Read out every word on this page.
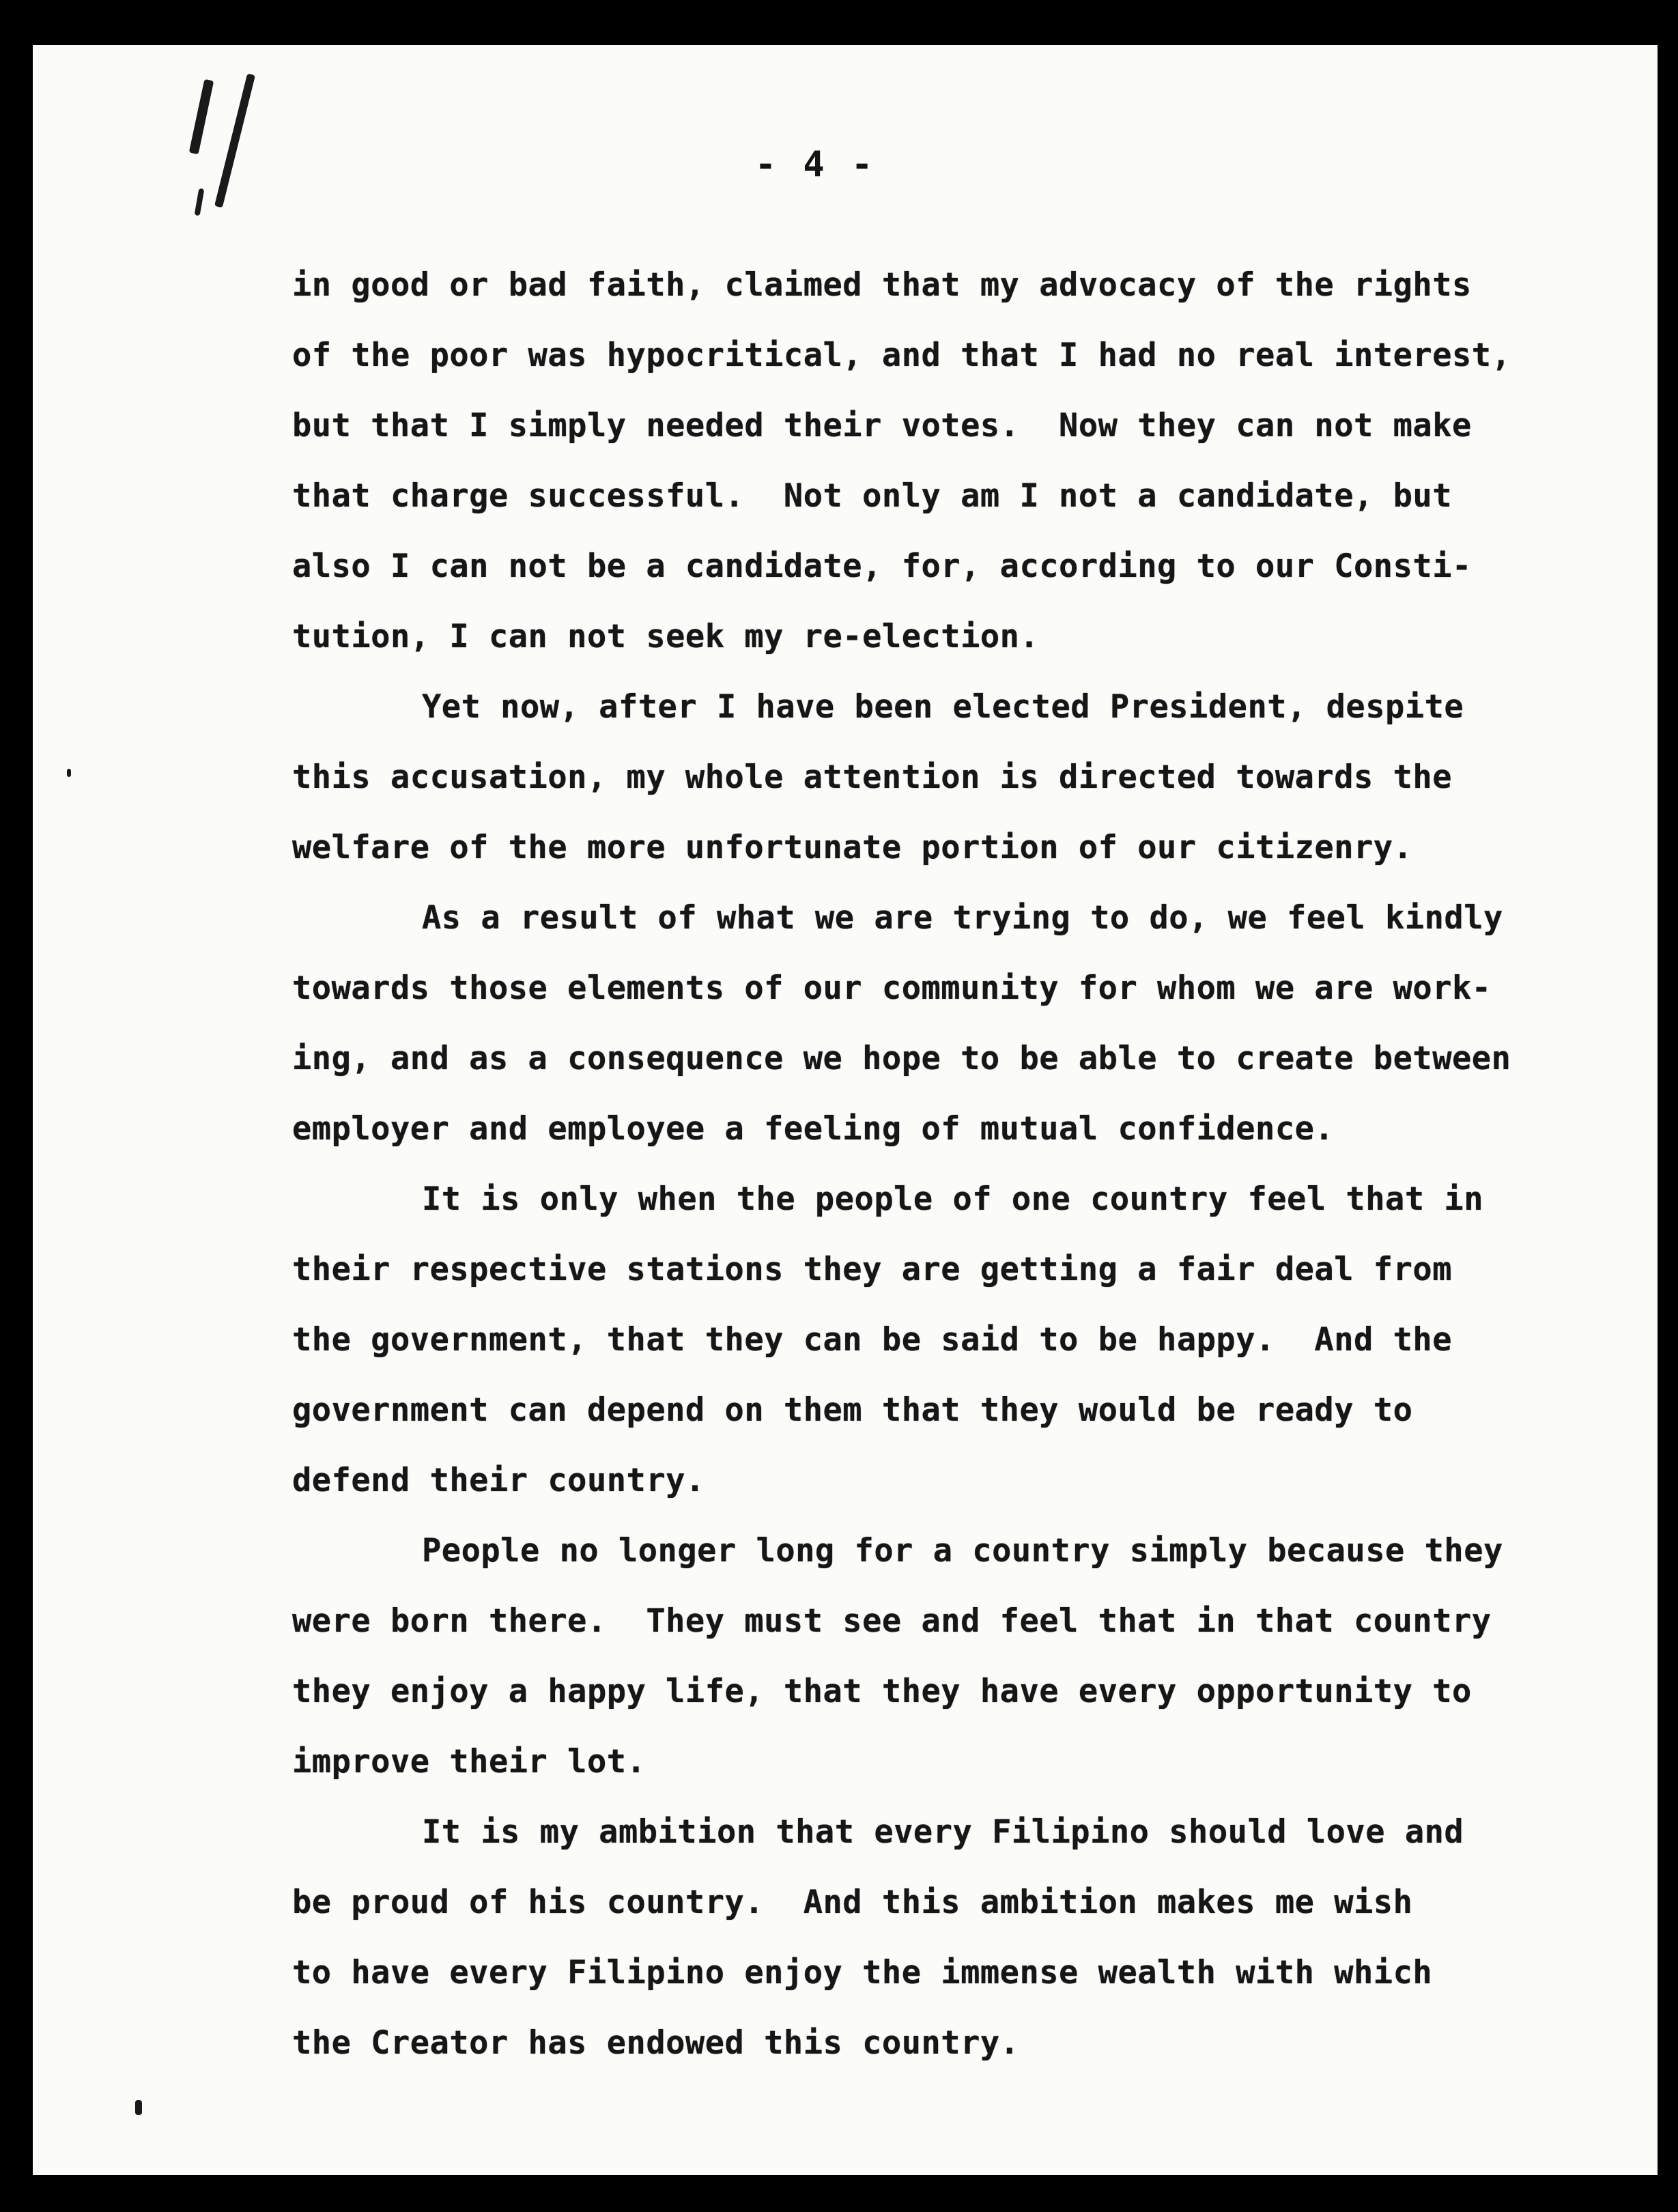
- 4 -
in good or bad faith, claimed that my advocacy of the rights
of the poor was hypocritical, and that I had no real interest,
but that I simply needed their votes.  Now they can not make
that charge successful.  Not only am I not a candidate, but
also I can not be a candidate, for, according to our Consti-
tution, I can not seek my re-election.
Yet now, after I have been elected President, despite
this accusation, my whole attention is directed towards the
welfare of the more unfortunate portion of our citizenry.
As a result of what we are trying to do, we feel kindly
towards those elements of our community for whom we are work-
ing, and as a consequence we hope to be able to create between
employer and employee a feeling of mutual confidence.
It is only when the people of one country feel that in
their respective stations they are getting a fair deal from
the government, that they can be said to be happy.  And the
government can depend on them that they would be ready to
defend their country.
People no longer long for a country simply because they
were born there.  They must see and feel that in that country
they enjoy a happy life, that they have every opportunity to
improve their lot.
It is my ambition that every Filipino should love and
be proud of his country.  And this ambition makes me wish
to have every Filipino enjoy the immense wealth with which
the Creator has endowed this country.
